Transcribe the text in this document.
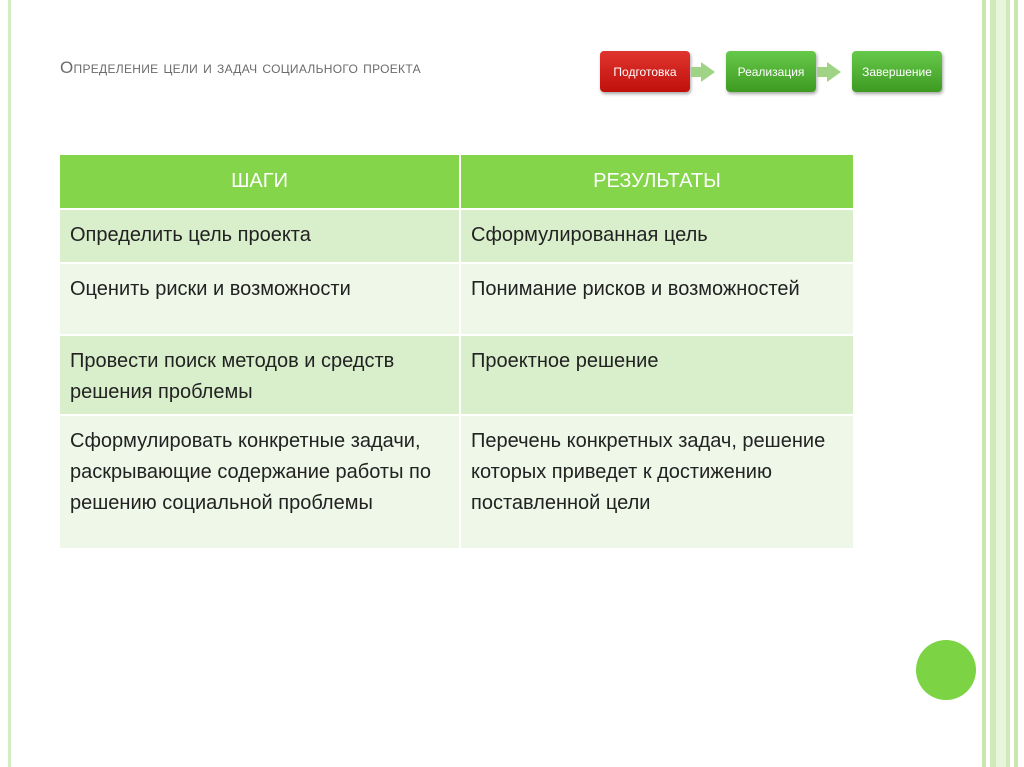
Определение цели и задач социального проекта	Подготовка	Реализация	Завершение
ШАГИ	РЕЗУЛЬТАТЫ
Определить цель проекта	Сформулированная цель
Оценить риски и возможности	Понимание рисков и возможностей
Провести поиск методов и средств решения проблемы	Проектное решение
Сформулировать конкретные задачи, раскрывающие содержание работы по решению социальной проблемы	Перечень конкретных задач, решение которых приведет к достижению поставленной цели
